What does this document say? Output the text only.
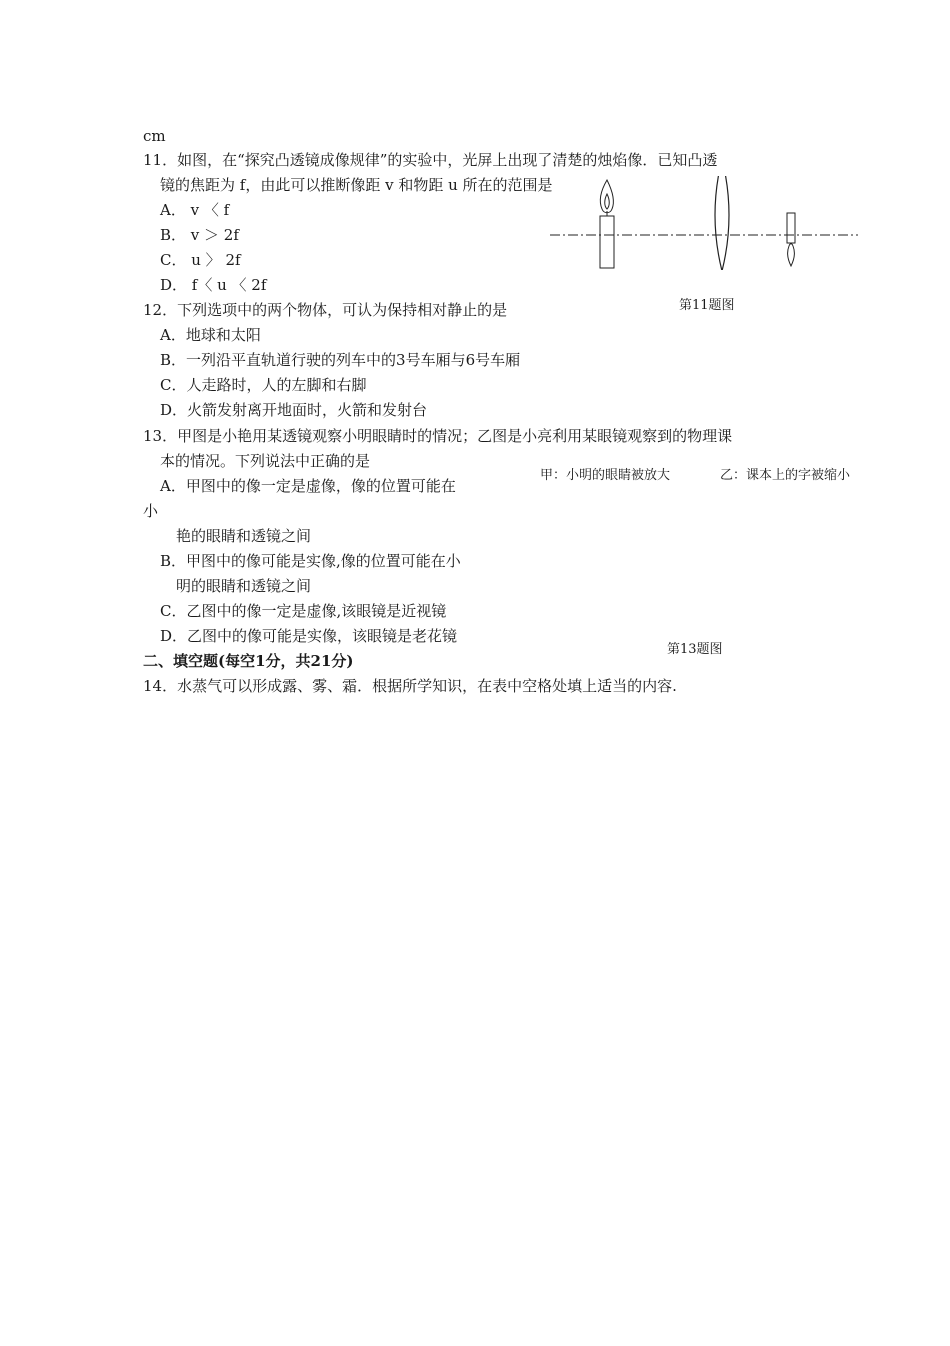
cm
11．如图，在“探究凸透镜成像规律”的实验中，光屏上出现了清楚的烛焰像．已知凸透
镜的焦距为 f，由此可以推断像距 v 和物距 u 所在的范围是
A． v 〈 f
B． v ＞ 2f
C． u 〉 2f
D． f〈 u 〈 2f
第11题图
12．下列选项中的两个物体，可认为保持相对静止的是
A．地球和太阳
B．一列沿平直轨道行驶的列车中的3号车厢与6号车厢
C．人走路时，人的左脚和右脚
D．火箭发射离开地面时，火箭和发射台
13．甲图是小艳用某透镜观察小明眼睛时的情况；乙图是小亮利用某眼镜观察到的物理课
本的情况。下列说法中正确的是
甲：小明的眼睛被放大	乙：课本上的字被缩小
A．甲图中的像一定是虚像，像的位置可能在
小
艳的眼睛和透镜之间
B．甲图中的像可能是实像,像的位置可能在小
明的眼睛和透镜之间
C．乙图中的像一定是虚像,该眼镜是近视镜
D．乙图中的像可能是实像，该眼镜是老花镜
第13题图
二、填空题(每空1分，共21分)
14．水蒸气可以形成露、雾、霜．根据所学知识，在表中空格处填上适当的内容.
